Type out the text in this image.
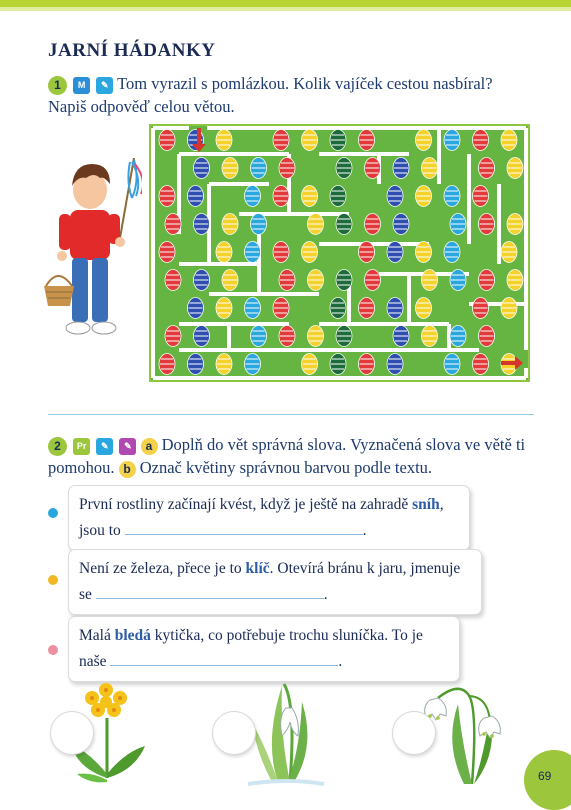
JARNÍ HÁDANKY
1 M ✎ Tom vyrazil s pomlázkou. Kolik vajíček cestou nasbíral? Napiš odpověď celou větou.
2 Pr ✎ ✎ a Doplň do vět správná slova. Vyznačená slova ve větě ti pomohou. b Označ květiny správnou barvou podle textu.
První rostliny začínají kvést, když je ještě na zahradě sníh, jsou to	.
Není ze železa, přece je to klíč. Otevírá bránu k jaru, jmenuje se	.
Malá bledá kytička, co potřebuje trochu sluníčka. To je naše	.
69
